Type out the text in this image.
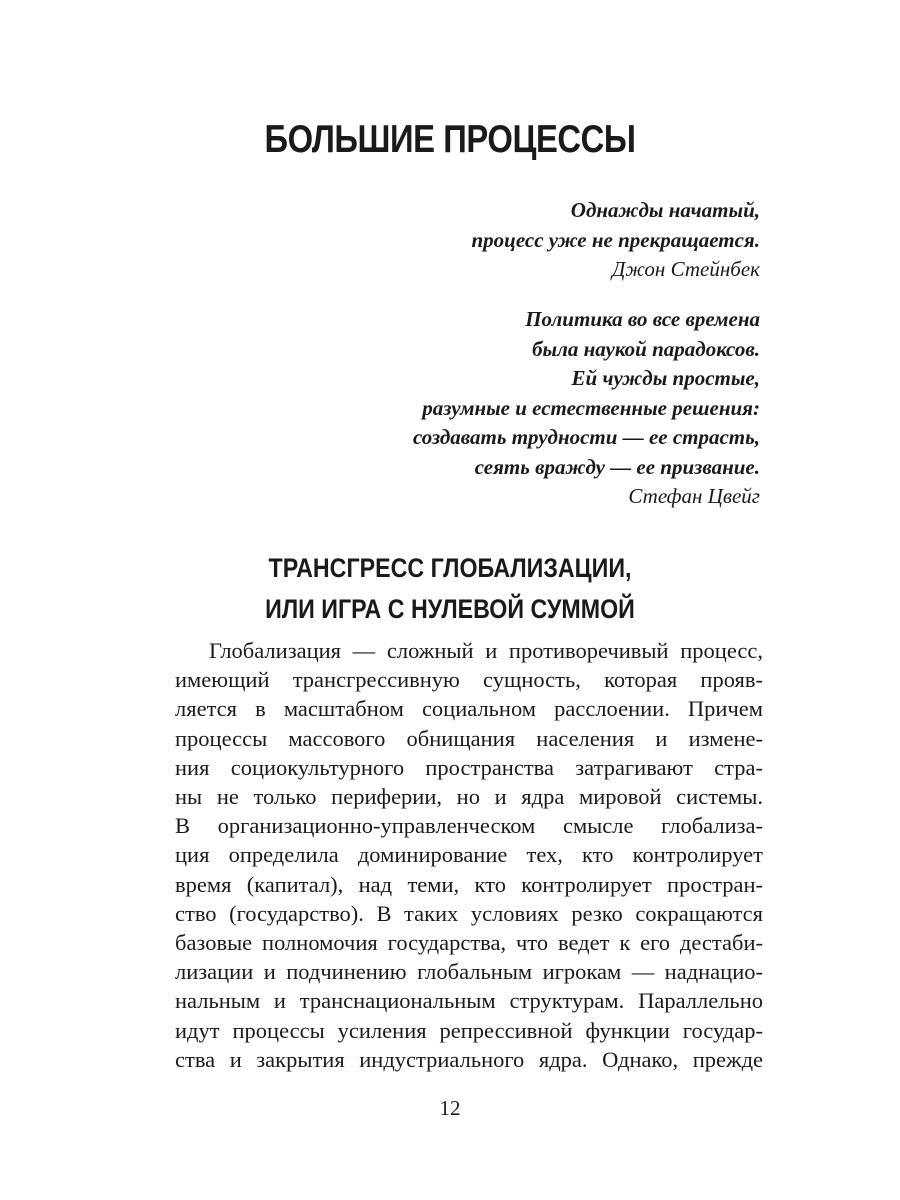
БОЛЬШИЕ ПРОЦЕССЫ
Однажды начатый,
процесс уже не прекращается.
Джон Стейнбек
Политика во все времена
была наукой парадоксов.
Ей чужды простые,
разумные и естественные решения:
создавать трудности — ее страсть,
сеять вражду — ее призвание.
Стефан Цвейг
ТРАНСГРЕСС ГЛОБАЛИЗАЦИИ,
ИЛИ ИГРА С НУЛЕВОЙ СУММОЙ
Глобализация — сложный и противоречивый процесс,
имеющий трансгрессивную сущность, которая прояв-
ляется в масштабном социальном расслоении. Причем
процессы массового обнищания населения и изменe-
ния социокультурного пространства затрагивают стра-
ны не только периферии, но и ядра мировой системы.
В организационно-управленческом смысле глобализа-
ция определила доминирование тех, кто контролирует
время (капитал), над теми, кто контролирует простран-
ство (государство). В таких условиях резко сокращаются
базовые полномочия государства, что ведет к его дестаби-
лизации и подчинению глобальным игрокам — наднацио-
нальным и транснациональным структурам. Параллельно
идут процессы усиления репрессивной функции государ-
ства и закрытия индустриального ядра. Однако, прежде
12
